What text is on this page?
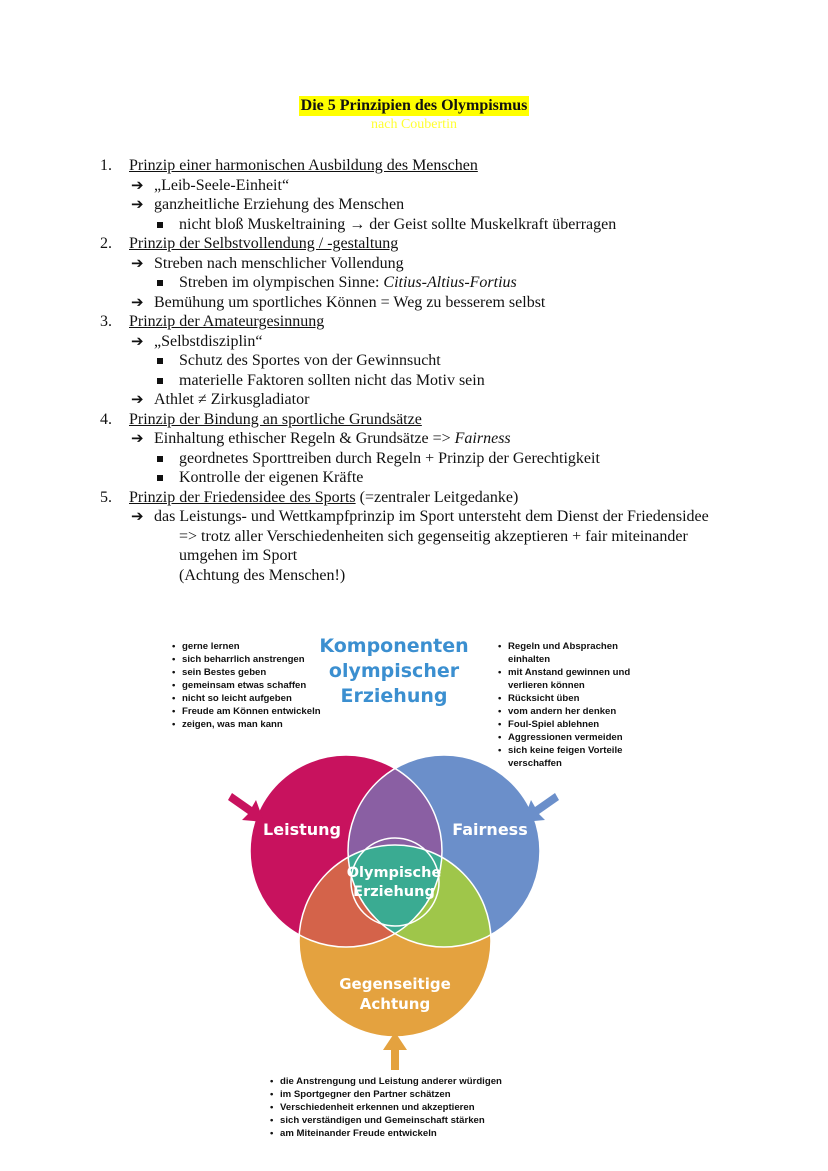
Die 5 Prinzipien des Olympismus
nach Coubertin
1. Prinzip einer harmonischen Ausbildung des Menschen
➔ „Leib-Seele-Einheit“
➔ ganzheitliche Erziehung des Menschen
nicht bloß Muskeltraining → der Geist sollte Muskelkraft überragen
2. Prinzip der Selbstvollendung / -gestaltung
➔ Streben nach menschlicher Vollendung
Streben im olympischen Sinne: Citius-Altius-Fortius
➔ Bemühung um sportliches Können = Weg zu besserem selbst
3. Prinzip der Amateurgesinnung
➔ „Selbstdisziplin“
Schutz des Sportes von der Gewinnsucht
materielle Faktoren sollten nicht das Motiv sein
➔ Athlet ≠ Zirkusgladiator
4. Prinzip der Bindung an sportliche Grundsätze
➔ Einhaltung ethischer Regeln & Grundsätze => Fairness
geordnetes Sporttreiben durch Regeln + Prinzip der Gerechtigkeit
Kontrolle der eigenen Kräfte
5. Prinzip der Friedensidee des Sports (=zentraler Leitgedanke)
➔ das Leistungs- und Wettkampfprinzip im Sport untersteht dem Dienst der Friedensidee
=> trotz aller Verschiedenheiten sich gegenseitig akzeptieren + fair miteinander
umgehen im Sport
(Achtung des Menschen!)
Komponenten
olympischer
Erziehung
• gerne lernen
• sich beharrlich anstrengen
• sein Bestes geben
• gemeinsam etwas schaffen
• nicht so leicht aufgeben
• Freude am Können entwickeln
• zeigen, was man kann
• Regeln und Absprachen einhalten
• mit Anstand gewinnen und verlieren können
• Rücksicht üben
• vom andern her denken
• Foul-Spiel ablehnen
• Aggressionen vermeiden
• sich keine feigen Vorteile verschaffen
• die Anstrengung und Leistung anderer würdigen
• im Sportgegner den Partner schätzen
• Verschiedenheit erkennen und akzeptieren
• sich verständigen und Gemeinschaft stärken
• am Miteinander Freude entwickeln
Leistung	Fairness
Olympische
Erziehung
Gegenseitige
Achtung
